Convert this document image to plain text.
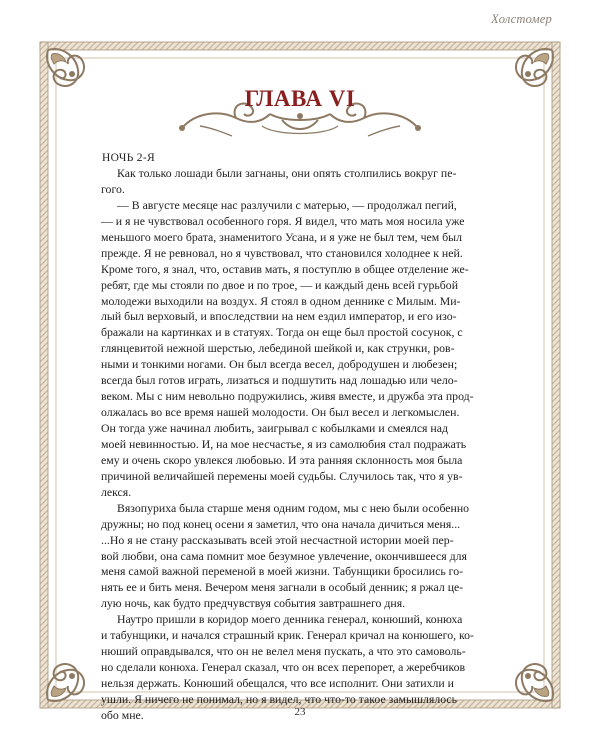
Холстомер
ГЛАВА VI
НОЧЬ 2-Я
Как только лошади были загнаны, они опять столпились вокруг пе-
гого.
— В августе месяце нас разлучили с матерью, — продолжал пегий,
— и я не чувствовал особенного горя. Я видел, что мать моя носила уже
меньшого моего брата, знаменитого Усана, и я уже не был тем, чем был
прежде. Я не ревновал, но я чувствовал, что становился холоднее к ней.
Кроме того, я знал, что, оставив мать, я поступлю в общее отделение же-
ребят, где мы стояли по двое и по трое, — и каждый день всей гурьбой
молодежи выходили на воздух. Я стоял в одном деннике с Милым. Ми-
лый был верховый, и впоследствии на нем ездил император, и его изо-
бражали на картинках и в статуях. Тогда он еще был простой сосунок, с
глянцевитой нежной шерстью, лебединой шейкой и, как струнки, ров-
ными и тонкими ногами. Он был всегда весел, добродушен и любезен;
всегда был готов играть, лизаться и подшутить над лошадью или чело-
веком. Мы с ним невольно подружились, живя вместе, и дружба эта прод-
олжалась во все время нашей молодости. Он был весел и легкомыслен.
Он тогда уже начинал любить, заигрывал с кобылками и смеялся над
моей невинностью. И, на мое несчастье, я из самолюбия стал подражать
ему и очень скоро увлекся любовью. И эта ранняя склонность моя была
причиной величайшей перемены моей судьбы. Случилось так, что я ув-
лекся.
Вязопуриха была старше меня одним годом, мы с нею были особенно
дружны; но под конец осени я заметил, что она начала дичиться меня...
...Но я не стану рассказывать всей этой несчастной истории моей пер-
вой любви, она сама помнит мое безумное увлечение, окончившееся для
меня самой важной переменой в моей жизни. Табунщики бросились го-
нять ее и бить меня. Вечером меня загнали в особый денник; я ржал це-
лую ночь, как будто предчувствуя события завтрашнего дня.
Наутро пришли в коридор моего денника генерал, конюший, конюха
и табунщики, и начался страшный крик. Генерал кричал на конюшего, ко-
нюший оправдывался, что он не велел меня пускать, а что это самоволь-
но сделали конюха. Генерал сказал, что он всех перепорет, а жеребчиков
нельзя держать. Конюший обещался, что все исполнит. Они затихли и
ушли. Я ничего не понимал, но я видел, что что-то такое замышлялось
обо мне.	23
